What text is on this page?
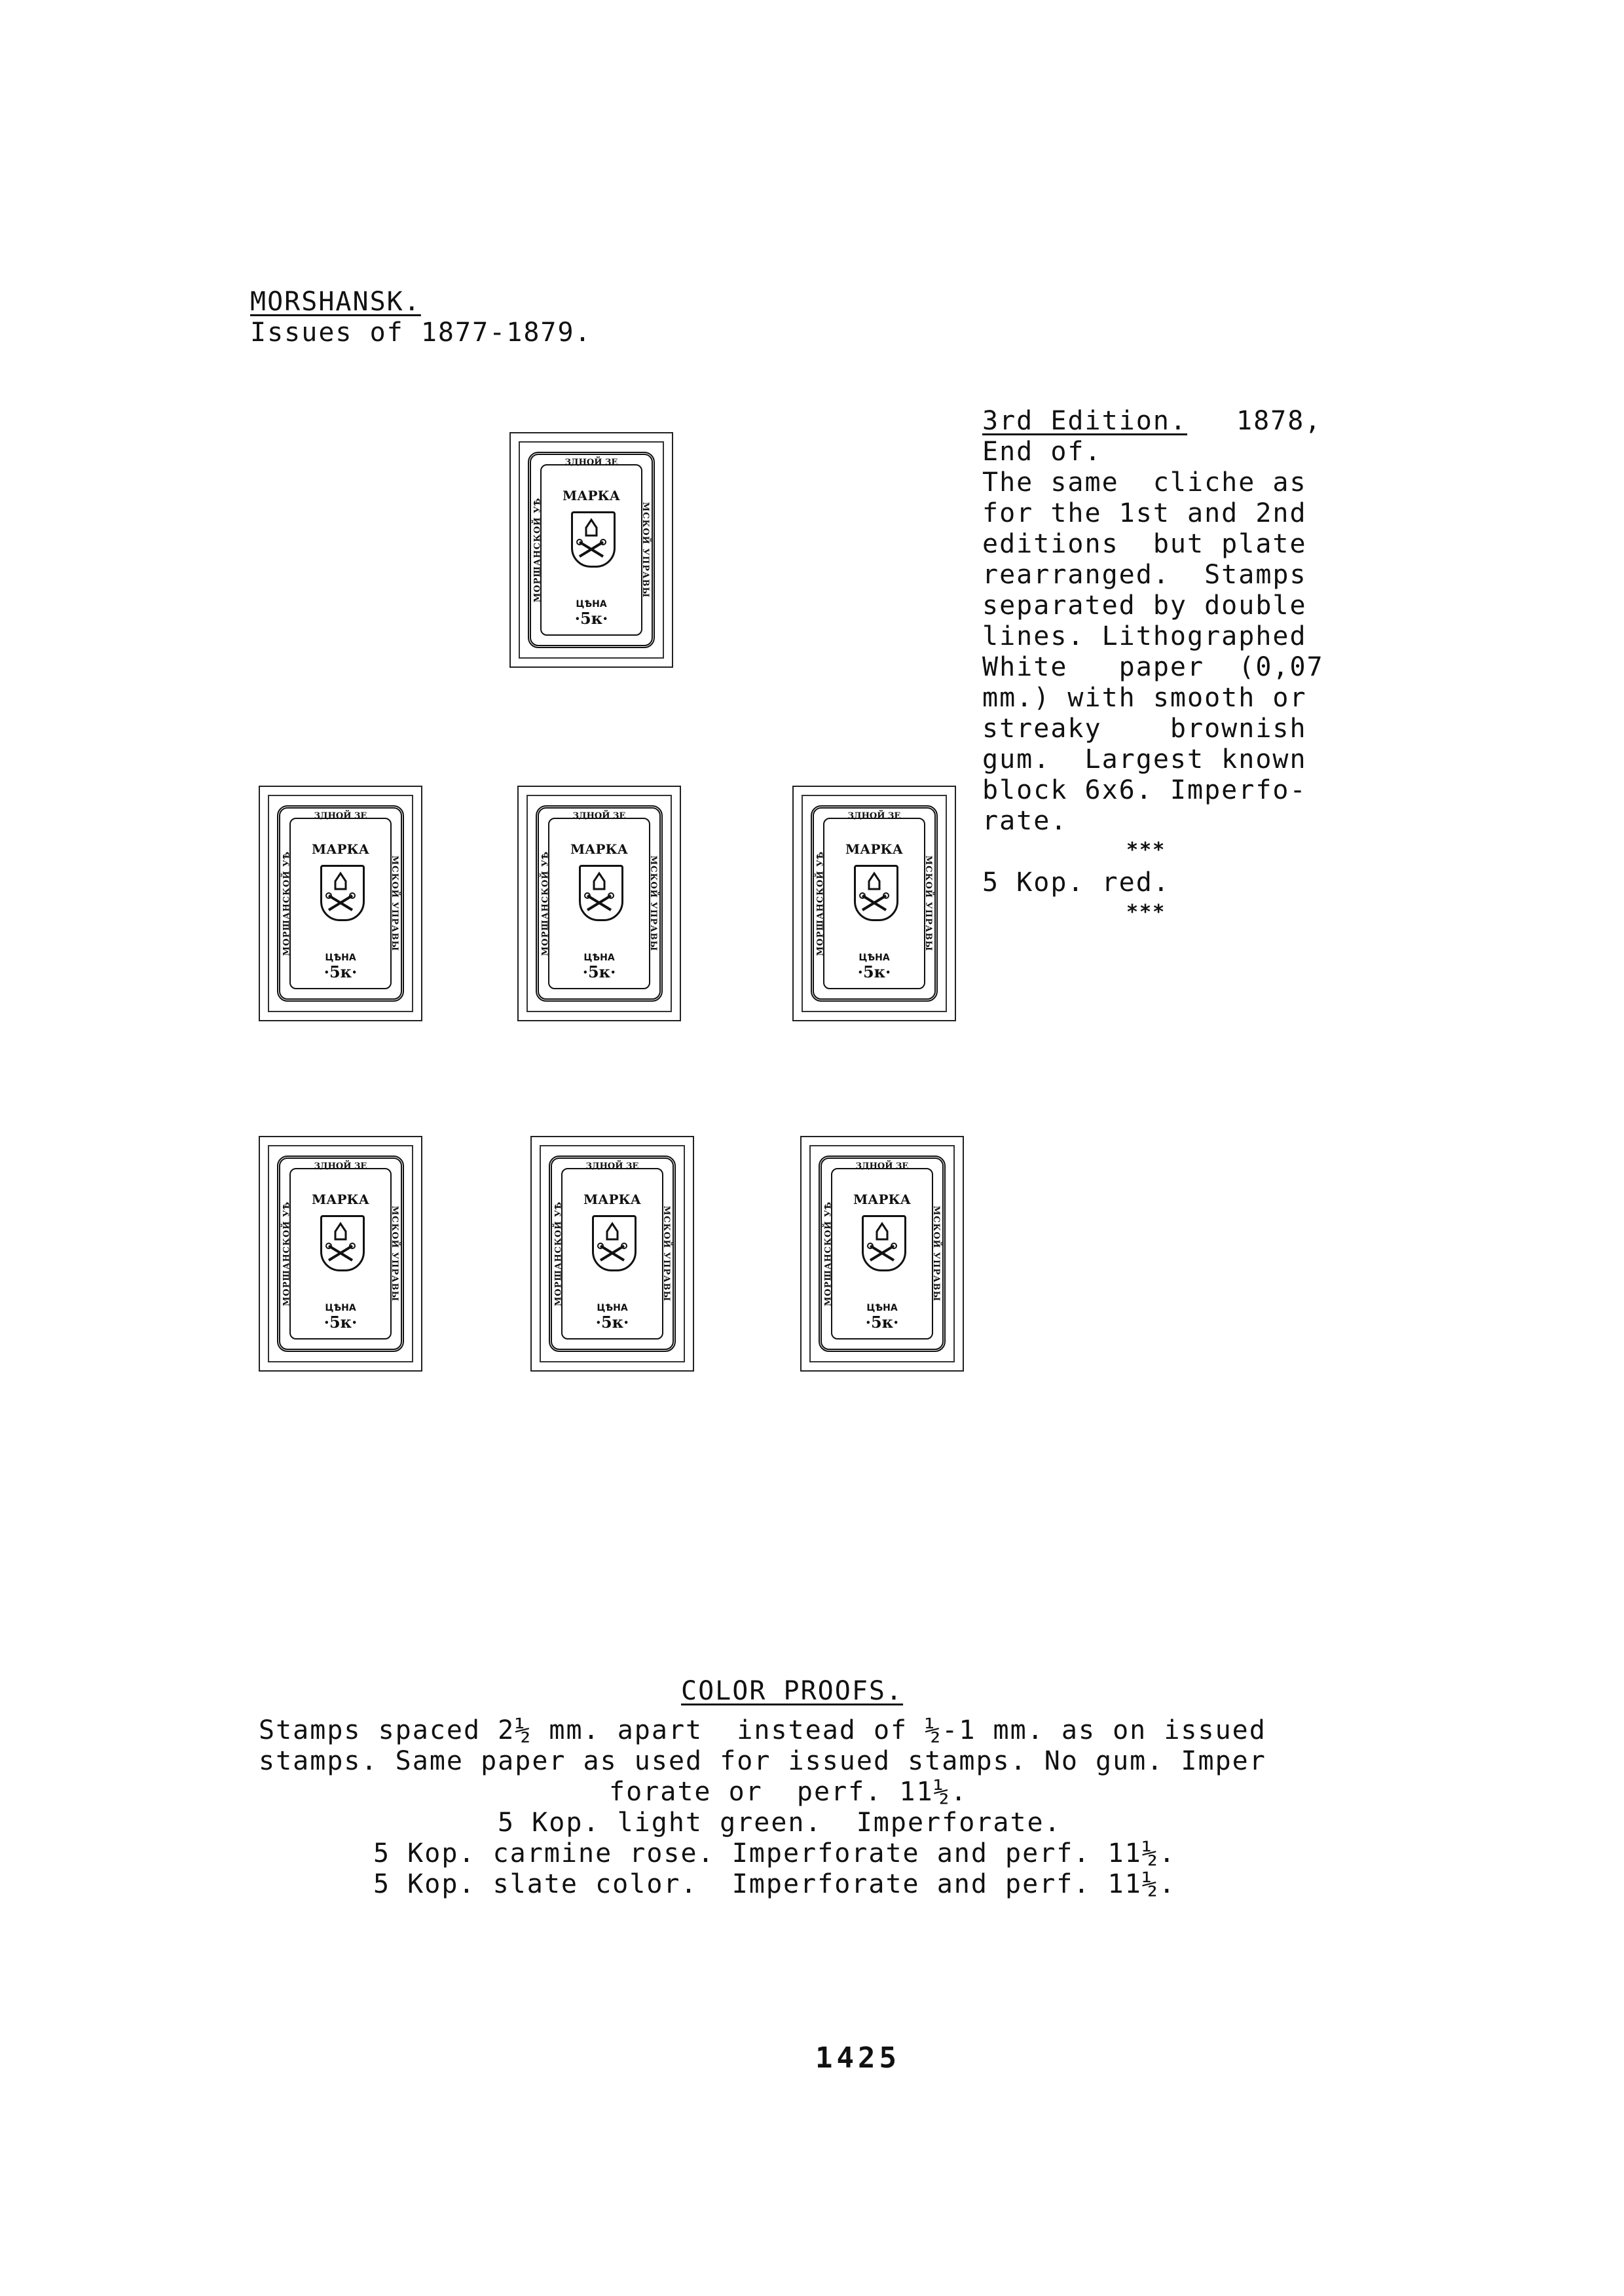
MORSHANSK.
Issues of 1877-1879.
3rd Edition. 1878,
End of.
The same  cliche as
for the 1st and 2nd
editions  but plate
rearranged.  Stamps
separated by double
lines. Lithographed
White   paper  (0,07
mm.) with smooth or
streaky    brownish
gum.  Largest known
block 6x6. Imperfo-
rate.
***
5 Kop. red.
***
ЗДНОЙ ЗЕ
МОРШАНСКОЙ УѢ	МСКОЙ УПРАВЫ
МАРКА
ЦѢНА
·5к·
ЗДНОЙ ЗЕ
МОРШАНСКОЙ УѢ	МСКОЙ УПРАВЫ
МАРКА
ЦѢНА
·5к·
ЗДНОЙ ЗЕ
МОРШАНСКОЙ УѢ	МСКОЙ УПРАВЫ
МАРКА
ЦѢНА
·5к·
ЗДНОЙ ЗЕ
МОРШАНСКОЙ УѢ	МСКОЙ УПРАВЫ
МАРКА
ЦѢНА
·5к·
ЗДНОЙ ЗЕ
МОРШАНСКОЙ УѢ	МСКОЙ УПРАВЫ
МАРКА
ЦѢНА
·5к·
ЗДНОЙ ЗЕ
МОРШАНСКОЙ УѢ	МСКОЙ УПРАВЫ
МАРКА
ЦѢНА
·5к·
ЗДНОЙ ЗЕ
МОРШАНСКОЙ УѢ	МСКОЙ УПРАВЫ
МАРКА
ЦѢНА
·5к·
COLOR PROOFS.
Stamps spaced 2½ mm. apart  instead of ½-1 mm. as on issued
stamps. Same paper as used for issued stamps. No gum. Imper
forate or  perf. 11½.
5 Kop. light green.  Imperforate.
5 Kop. carmine rose. Imperforate and perf. 11½.
5 Kop. slate color.  Imperforate and perf. 11½.
1425
